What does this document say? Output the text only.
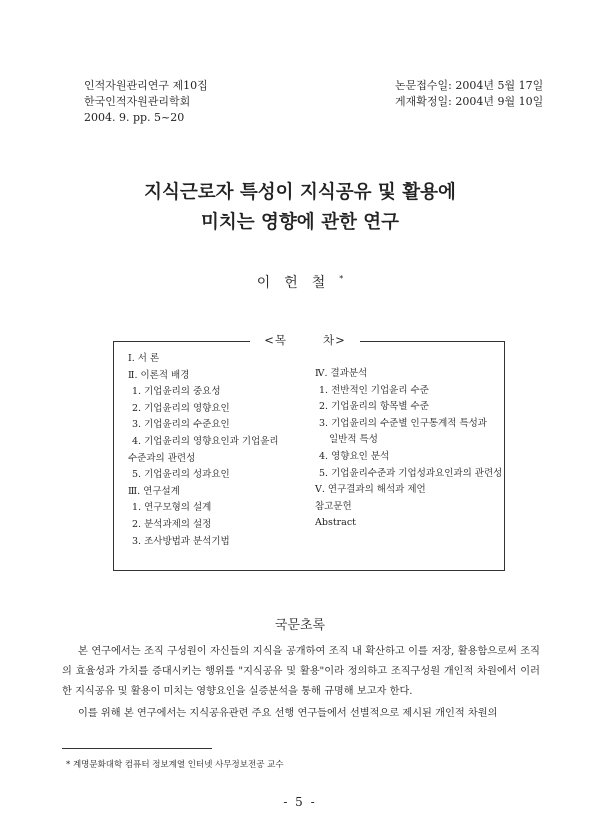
인적자원관리연구 제10집
한국인적자원관리학회
2004. 9. pp. 5~20
논문접수일: 2004년 5월 17일
게재확정일: 2004년 9월 10일
지식근로자 특성이 지식공유 및 활용에
미치는 영향에 관한 연구
이헌철*
<목	차>
Ⅰ. 서 론
Ⅱ. 이론적 배경
1. 기업윤리의 중요성
2. 기업윤리의 영향요인
3. 기업윤리의 수준요인
4. 기업윤리의 영향요인과 기업윤리
수준과의 관련성
5. 기업윤리의 성과요인
Ⅲ. 연구설계
1. 연구모형의 설계
2. 분석과제의 설정
3. 조사방법과 분석기법
Ⅳ. 결과분석
1. 전반적인 기업윤리 수준
2. 기업윤리의 항목별 수준
3. 기업윤리의 수준별 인구통계적 특성과
일반적 특성
4. 영향요인 분석
5. 기업윤리수준과 기업성과요인과의 관련성
Ⅴ. 연구결과의 해석과 제언
참고문헌
Abstract
국문초록
본 연구에서는 조직 구성원이 자신들의 지식을 공개하여 조직 내 확산하고 이를 저장, 활용함으로써 조직의 효율성과 가치를 증대시키는 행위를 "지식공유 및 활용"이라 정의하고 조직구성원 개인적 차원에서 이러한 지식공유 및 활용이 미치는 영향요인을 실증분석을 통해 규명해 보고자 한다.
이를 위해 본 연구에서는 지식공유관련 주요 선행 연구들에서 선별적으로 제시된 개인적 차원의
* 계명문화대학 컴퓨터 정보계열 인터넷 사무정보전공 교수
- 5 -
